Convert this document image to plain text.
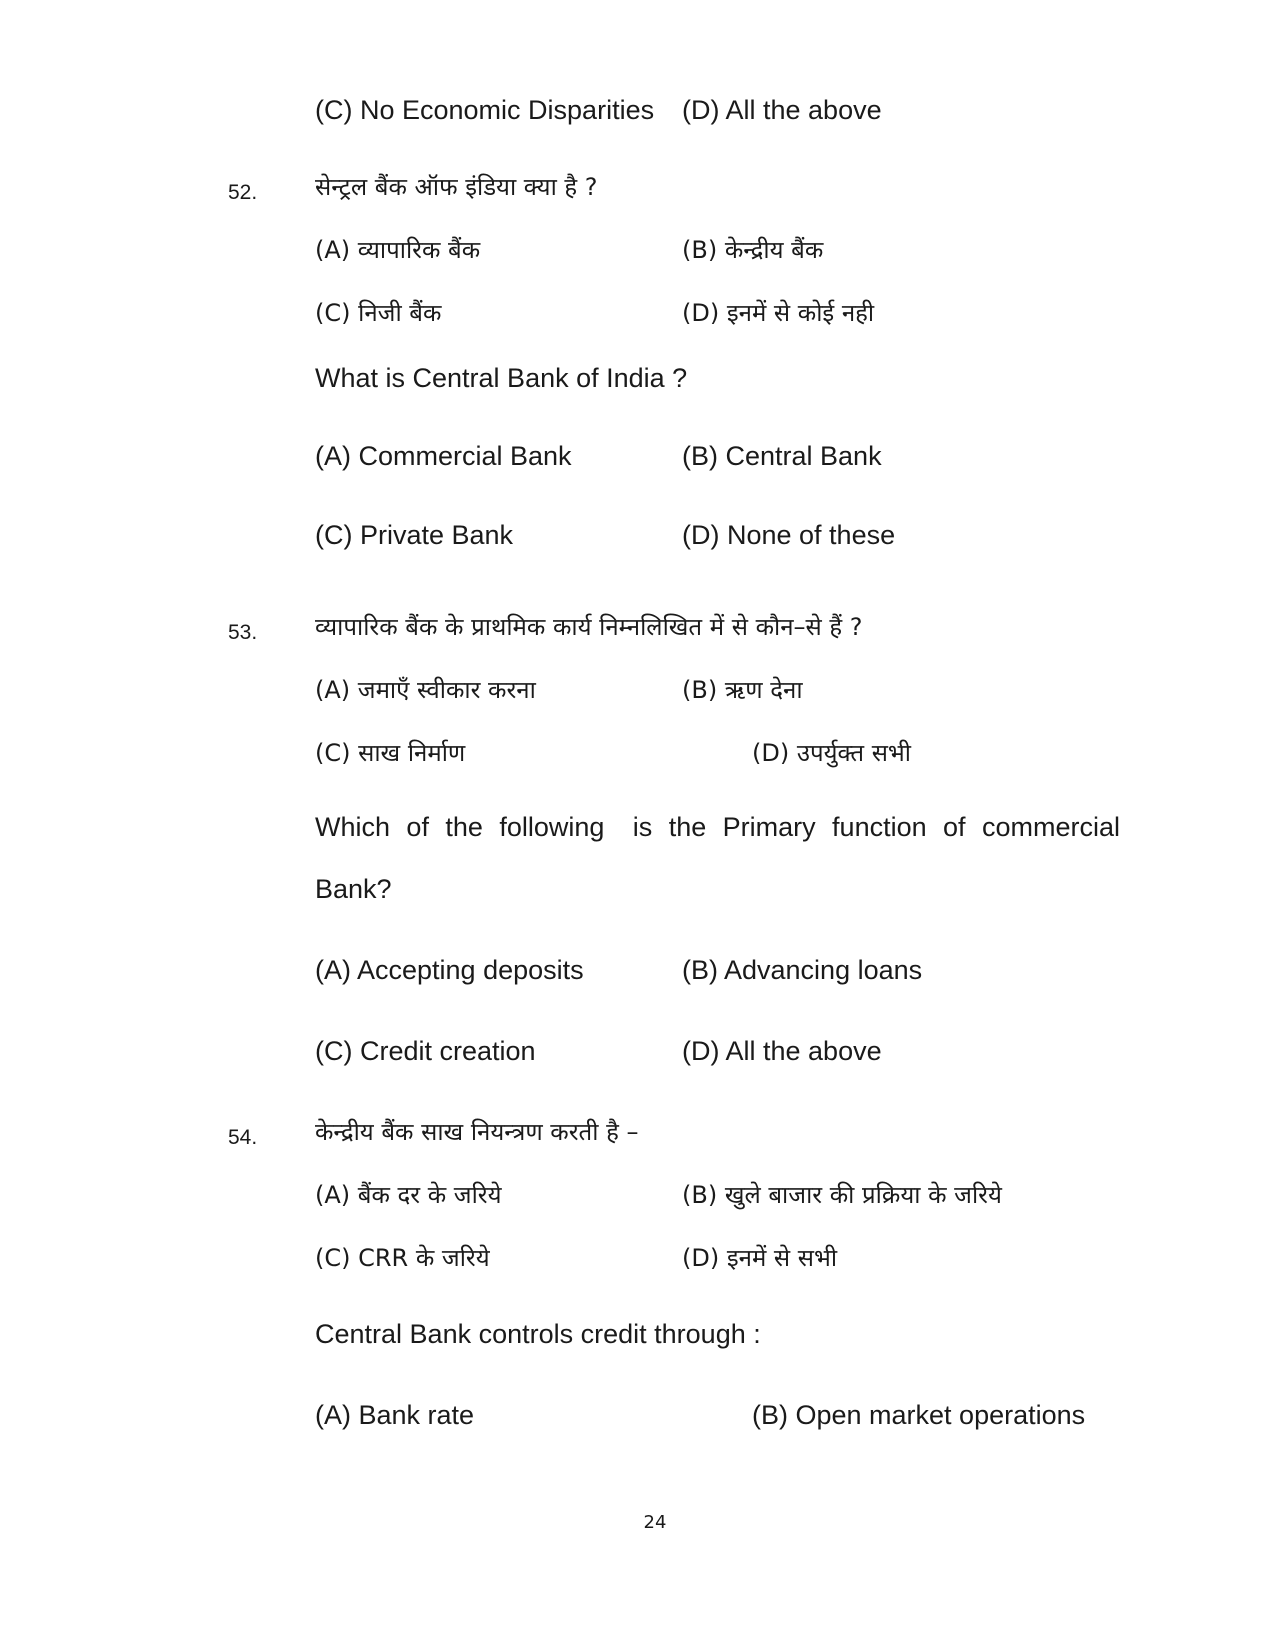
(C) No Economic Disparities (D) All the above
52. सेन्ट्रल बैंक ऑफ इंडिया क्या है ?
(A) व्यापारिक बैंक	(B) केन्द्रीय बैंक
(C) निजी बैंक	(D) इनमें से कोई नही
What is Central Bank of India ?
(A) Commercial Bank	(B) Central Bank
(C) Private Bank	(D) None of these
53. व्यापारिक बैंक के प्राथमिक कार्य निम्नलिखित में से कौन–से हैं ?
(A) जमाएँ स्वीकार करना	(B) ऋण देना
(C) साख निर्माण	(D) उपर्युक्त सभी
Which of the following is the Primary function of commercial
Bank?
(A) Accepting deposits	(B) Advancing loans
(C) Credit creation	(D) All the above
54. केन्द्रीय बैंक साख नियन्त्रण करती है –
(A) बैंक दर के जरिये	(B) खुले बाजार की प्रक्रिया के जरिये
(C) CRR के जरिये	(D) इनमें से सभी
Central Bank controls credit through :
(A) Bank rate	(B) Open market operations
24
